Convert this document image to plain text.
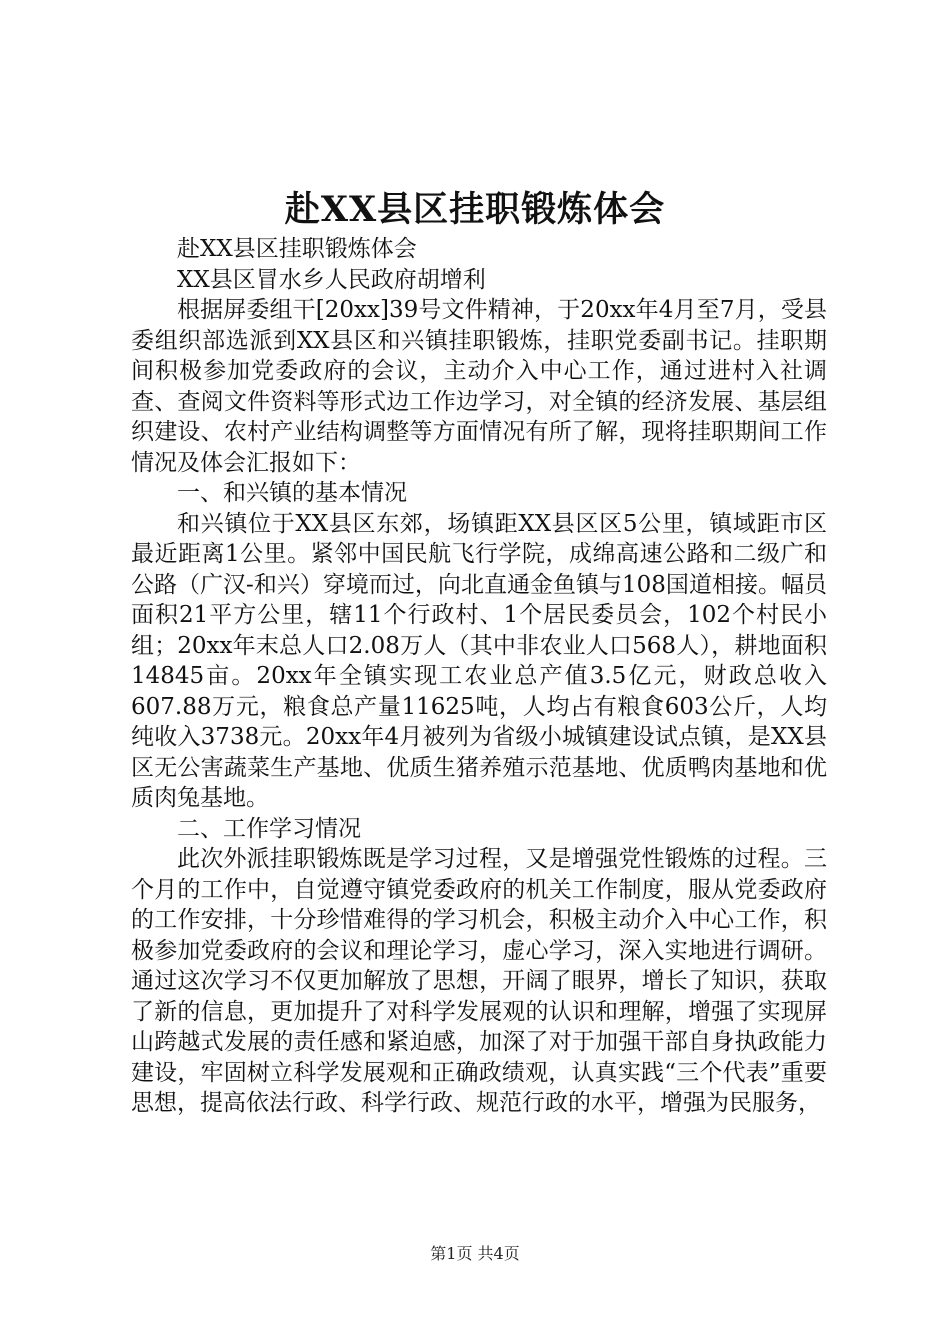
赴XX县区挂职锻炼体会

赴XX县区挂职锻炼体会

XX县区冒水乡人民政府胡增利

根据屏委组干[20xx]39号文件精神，于20xx年4月至7月，受县委组织部选派到XX县区和兴镇挂职锻炼，挂职党委副书记。挂职期间积极参加党委政府的会议，主动介入中心工作，通过进村入社调查、查阅文件资料等形式边工作边学习，对全镇的经济发展、基层组织建设、农村产业结构调整等方面情况有所了解，现将挂职期间工作情况及体会汇报如下：

一、和兴镇的基本情况

和兴镇位于XX县区东郊，场镇距XX县区区5公里，镇域距市区最近距离1公里。紧邻中国民航飞行学院，成绵高速公路和二级广和公路（广汉-和兴）穿境而过，向北直通金鱼镇与108国道相接。幅员面积21平方公里，辖11个行政村、1个居民委员会，102个村民小组；20xx年末总人口2.08万人（其中非农业人口568人），耕地面积14845亩。20xx年全镇实现工农业总产值3.5亿元，财政总收入607.88万元，粮食总产量11625吨，人均占有粮食603公斤，人均纯收入3738元。20xx年4月被列为省级小城镇建设试点镇，是XX县区无公害蔬菜生产基地、优质生猪养殖示范基地、优质鸭肉基地和优质肉兔基地。

二、工作学习情况

此次外派挂职锻炼既是学习过程，又是增强党性锻炼的过程。三个月的工作中，自觉遵守镇党委政府的机关工作制度，服从党委政府的工作安排，十分珍惜难得的学习机会，积极主动介入中心工作，积极参加党委政府的会议和理论学习，虚心学习，深入实地进行调研。通过这次学习不仅更加解放了思想，开阔了眼界，增长了知识，获取了新的信息，更加提升了对科学发展观的认识和理解，增强了实现屏山跨越式发展的责任感和紧迫感，加深了对于加强干部自身执政能力建设，牢固树立科学发展观和正确政绩观，认真实践“三个代表”重要思想，提高依法行政、科学行政、规范行政的水平，增强为民服务，

第1页 共4页
